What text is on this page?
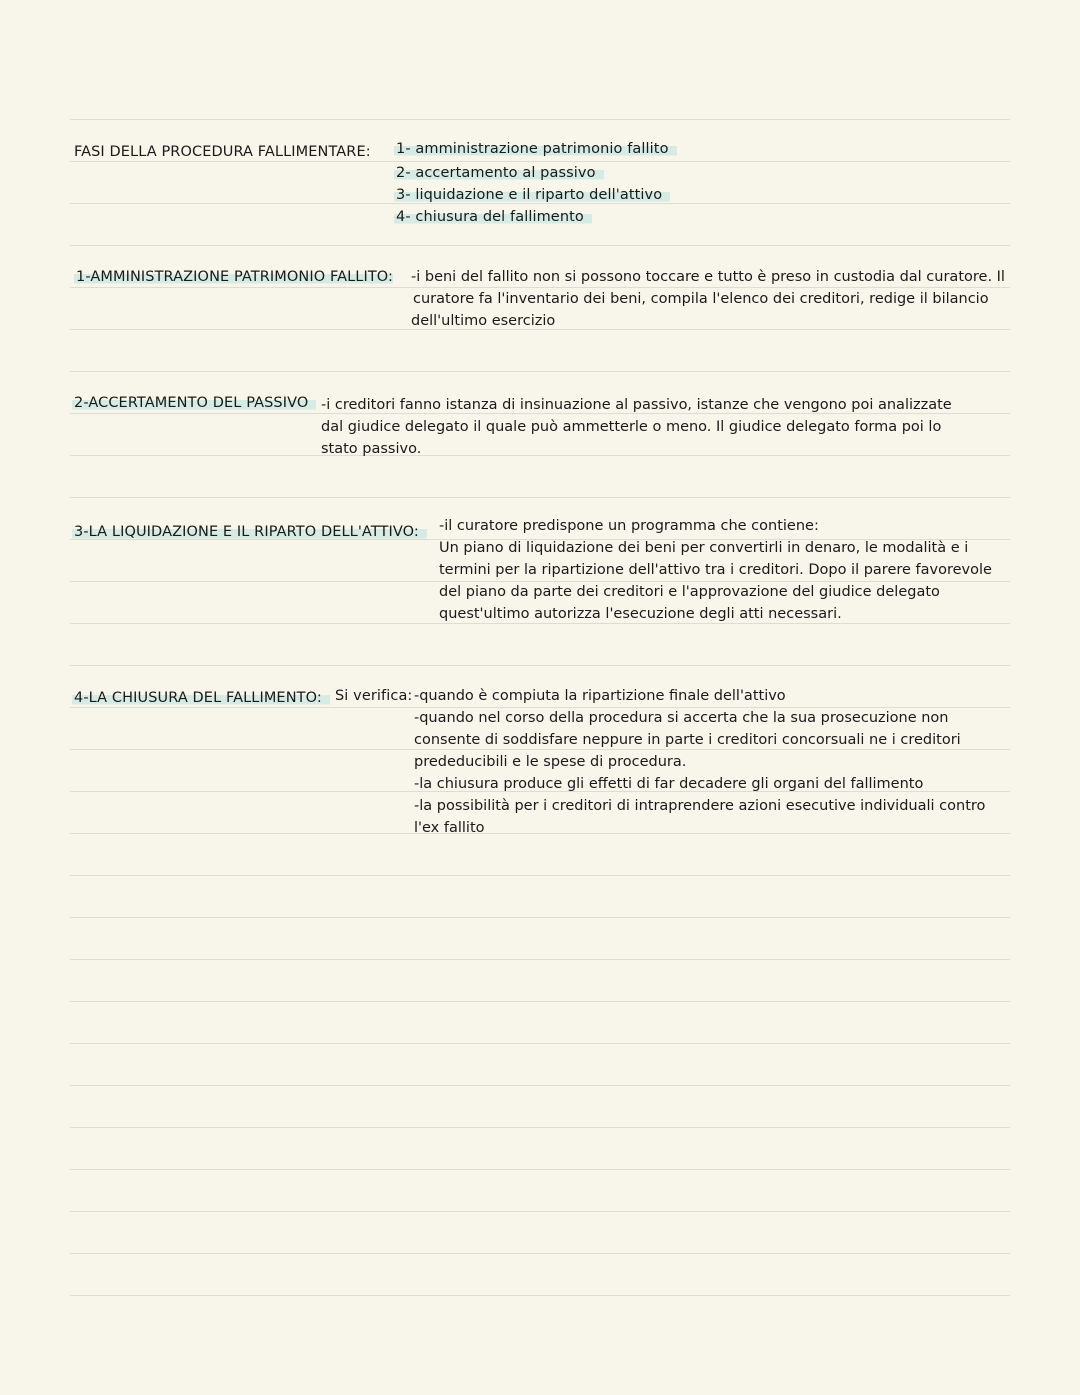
FASI DELLA PROCEDURA FALLIMENTARE: 1- amministrazione patrimonio fallito
2- accertamento al passivo
3- liquidazione e il riparto dell'attivo
4- chiusura del fallimento
1-AMMINISTRAZIONE PATRIMONIO FALLITO: -i beni del fallito non si possono toccare e tutto è preso in custodia dal curatore. Il
curatore fa l'inventario dei beni, compila l'elenco dei creditori, redige il bilancio
dell'ultimo esercizio
2-ACCERTAMENTO DEL PASSIVO -i creditori fanno istanza di insinuazione al passivo, istanze che vengono poi analizzate
dal giudice delegato il quale può ammetterle o meno. Il giudice delegato forma poi lo
stato passivo.
3-LA LIQUIDAZIONE E IL RIPARTO DELL'ATTIVO:	-il curatore predispone un programma che contiene:
Un piano di liquidazione dei beni per convertirli in denaro, le modalità e i
termini per la ripartizione dell'attivo tra i creditori. Dopo il parere favorevole
del piano da parte dei creditori e l'approvazione del giudice delegato
quest'ultimo autorizza l'esecuzione degli atti necessari.
4-LA CHIUSURA DEL FALLIMENTO: Si verifica: -quando è compiuta la ripartizione finale dell'attivo
-quando nel corso della procedura si accerta che la sua prosecuzione non
consente di soddisfare neppure in parte i creditori concorsuali ne i creditori
prededucibili e le spese di procedura.
-la chiusura produce gli effetti di far decadere gli organi del fallimento
-la possibilità per i creditori di intraprendere azioni esecutive individuali contro
l'ex fallito
